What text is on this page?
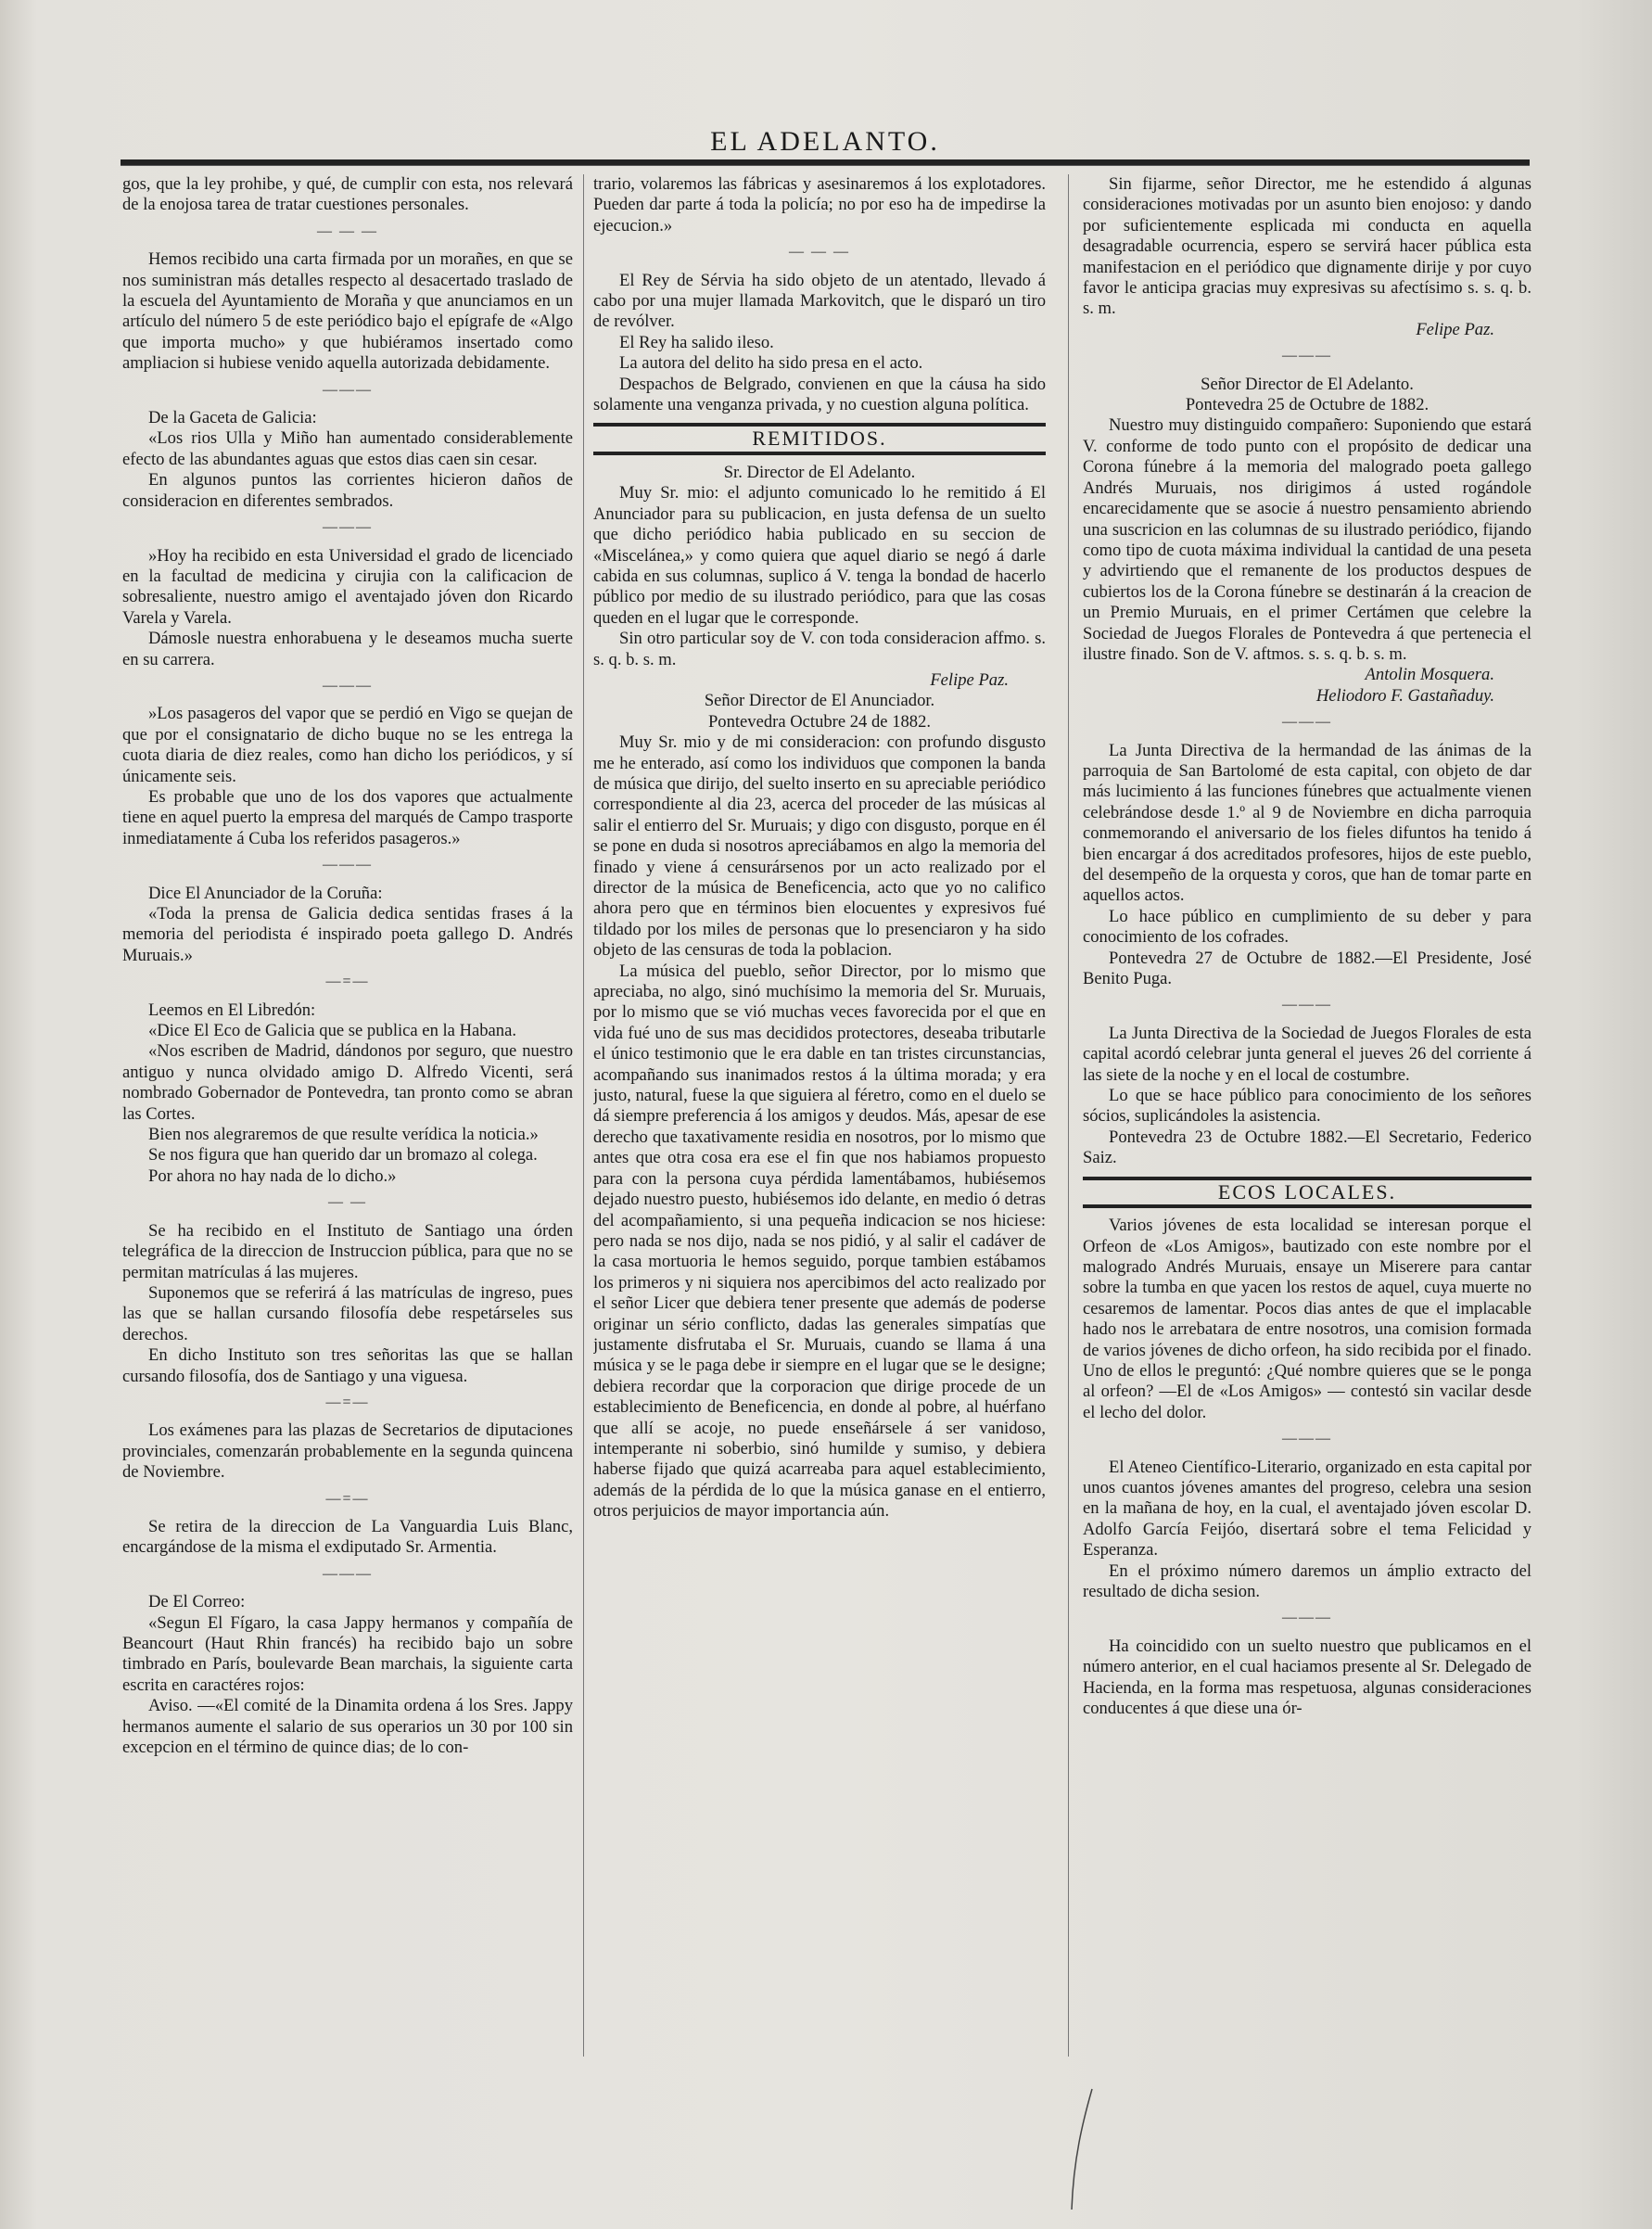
EL ADELANTO.

gos, que la ley prohibe, y qué, de cumplir con esta, nos relevará de la enojosa tarea de tratar cuestiones personales.

— — —

Hemos recibido una carta firmada por un morañes, en que se nos suministran más detalles respecto al desacertado traslado de la escuela del Ayuntamiento de Moraña y que anunciamos en un artículo del número 5 de este periódico bajo el epígrafe de «Algo que importa mucho» y que hubiéramos insertado como ampliacion si hubiese venido aquella autorizada debidamente.

———

De la Gaceta de Galicia:

«Los rios Ulla y Miño han aumentado considerablemente efecto de las abundantes aguas que estos dias caen sin cesar.

En algunos puntos las corrientes hicieron daños de consideracion en diferentes sembrados.

———

»Hoy ha recibido en esta Universidad el grado de licenciado en la facultad de medicina y cirujia con la calificacion de sobresaliente, nuestro amigo el aventajado jóven don Ricardo Varela y Varela.

Dámosle nuestra enhorabuena y le deseamos mucha suerte en su carrera.

———

»Los pasageros del vapor que se perdió en Vigo se quejan de que por el consignatario de dicho buque no se les entrega la cuota diaria de diez reales, como han dicho los periódicos, y sí únicamente seis.

Es probable que uno de los dos vapores que actualmente tiene en aquel puerto la empresa del marqués de Campo trasporte inmediatamente á Cuba los referidos pasageros.»

———

Dice El Anunciador de la Coruña:

«Toda la prensa de Galicia dedica sentidas frases á la memoria del periodista é inspirado poeta gallego D. Andrés Muruais.»

—=—

Leemos en El Libredón:

«Dice El Eco de Galicia que se publica en la Habana.

«Nos escriben de Madrid, dándonos por seguro, que nuestro antiguo y nunca olvidado amigo D. Alfredo Vicenti, será nombrado Gobernador de Pontevedra, tan pronto como se abran las Cortes.

Bien nos alegraremos de que resulte verídica la noticia.»

Se nos figura que han querido dar un bromazo al colega.

Por ahora no hay nada de lo dicho.»

— —

Se ha recibido en el Instituto de Santiago una órden telegráfica de la direccion de Instruccion pública, para que no se permitan matrículas á las mujeres.

Suponemos que se referirá á las matrículas de ingreso, pues las que se hallan cursando filosofía debe respetárseles sus derechos.

En dicho Instituto son tres señoritas las que se hallan cursando filosofía, dos de Santiago y una viguesa.

—=—

Los exámenes para las plazas de Secretarios de diputaciones provinciales, comenzarán probablemente en la segunda quincena de Noviembre.

—=—

Se retira de la direccion de La Vanguardia Luis Blanc, encargándose de la misma el exdiputado Sr. Armentia.

———

De El Correo:

«Segun El Fígaro, la casa Jappy hermanos y compañía de Beancourt (Haut Rhin francés) ha recibido bajo un sobre timbrado en París, boulevarde Bean marchais, la siguiente carta escrita en caractéres rojos:

Aviso. —«El comité de la Dinamita ordena á los Sres. Jappy hermanos aumente el salario de sus operarios un 30 por 100 sin excepcion en el término de quince dias; de lo con-

trario, volaremos las fábricas y asesinaremos á los explotadores. Pueden dar parte á toda la policía; no por eso ha de impedirse la ejecucion.»

— — —

El Rey de Sérvia ha sido objeto de un atentado, llevado á cabo por una mujer llamada Markovitch, que le disparó un tiro de revólver.

El Rey ha salido ileso.

La autora del delito ha sido presa en el acto.

Despachos de Belgrado, convienen en que la cáusa ha sido solamente una venganza privada, y no cuestion alguna política.

REMITIDOS.

Sr. Director de El Adelanto.

Muy Sr. mio: el adjunto comunicado lo he remitido á El Anunciador para su publicacion, en justa defensa de un suelto que dicho periódico habia publicado en su seccion de «Miscelánea,» y como quiera que aquel diario se negó á darle cabida en sus columnas, suplico á V. tenga la bondad de hacerlo público por medio de su ilustrado periódico, para que las cosas queden en el lugar que le corresponde.

Sin otro particular soy de V. con toda consideracion affmo. s. s. q. b. s. m.

Felipe Paz.

Señor Director de El Anunciador.

Pontevedra Octubre 24 de 1882.

Muy Sr. mio y de mi consideracion: con profundo disgusto me he enterado, así como los individuos que componen la banda de música que dirijo, del suelto inserto en su apreciable periódico correspondiente al dia 23, acerca del proceder de las músicas al salir el entierro del Sr. Muruais; y digo con disgusto, porque en él se pone en duda si nosotros apreciábamos en algo la memoria del finado y viene á censurársenos por un acto realizado por el director de la música de Beneficencia, acto que yo no califico ahora pero que en términos bien elocuentes y expresivos fué tildado por los miles de personas que lo presenciaron y ha sido objeto de las censuras de toda la poblacion.

La música del pueblo, señor Director, por lo mismo que apreciaba, no algo, sinó muchísimo la memoria del Sr. Muruais, por lo mismo que se vió muchas veces favorecida por el que en vida fué uno de sus mas decididos protectores, deseaba tributarle el único testimonio que le era dable en tan tristes circunstancias, acompañando sus inanimados restos á la última morada; y era justo, natural, fuese la que siguiera al féretro, como en el duelo se dá siempre preferencia á los amigos y deudos. Más, apesar de ese derecho que taxativamente residia en nosotros, por lo mismo que antes que otra cosa era ese el fin que nos habiamos propuesto para con la persona cuya pérdida lamentábamos, hubiésemos dejado nuestro puesto, hubiésemos ido delante, en medio ó detras del acompañamiento, si una pequeña indicacion se nos hiciese: pero nada se nos dijo, nada se nos pidió, y al salir el cadáver de la casa mortuoria le hemos seguido, porque tambien estábamos los primeros y ni siquiera nos apercibimos del acto realizado por el señor Licer que debiera tener presente que además de poderse originar un sério conflicto, dadas las generales simpatías que justamente disfrutaba el Sr. Muruais, cuando se llama á una música y se le paga debe ir siempre en el lugar que se le designe; debiera recordar que la corporacion que dirige procede de un establecimiento de Beneficencia, en donde al pobre, al huérfano que allí se acoje, no puede enseñársele á ser vanidoso, intemperante ni soberbio, sinó humilde y sumiso, y debiera haberse fijado que quizá acarreaba para aquel establecimiento, además de la pérdida de lo que la música ganase en el entierro, otros perjuicios de mayor importancia aún.

Sin fijarme, señor Director, me he estendido á algunas consideraciones motivadas por un asunto bien enojoso: y dando por suficientemente esplicada mi conducta en aquella desagradable ocurrencia, espero se servirá hacer pública esta manifestacion en el periódico que dignamente dirije y por cuyo favor le anticipa gracias muy expresivas su afectísimo s. s. q. b. s. m.

Felipe Paz.

———

Señor Director de El Adelanto.

Pontevedra 25 de Octubre de 1882.

Nuestro muy distinguido compañero: Suponiendo que estará V. conforme de todo punto con el propósito de dedicar una Corona fúnebre á la memoria del malogrado poeta gallego Andrés Muruais, nos dirigimos á usted rogándole encarecidamente que se asocie á nuestro pensamiento abriendo una suscricion en las columnas de su ilustrado periódico, fijando como tipo de cuota máxima individual la cantidad de una peseta y advirtiendo que el remanente de los productos despues de cubiertos los de la Corona fúnebre se destinarán á la creacion de un Premio Muruais, en el primer Certámen que celebre la Sociedad de Juegos Florales de Pontevedra á que pertenecia el ilustre finado. Son de V. aftmos. s. s. q. b. s. m.

Antolin Mosquera.

Heliodoro F. Gastañaduy.

———

La Junta Directiva de la hermandad de las ánimas de la parroquia de San Bartolomé de esta capital, con objeto de dar más lucimiento á las funciones fúnebres que actualmente vienen celebrándose desde 1.º al 9 de Noviembre en dicha parroquia conmemorando el aniversario de los fieles difuntos ha tenido á bien encargar á dos acreditados profesores, hijos de este pueblo, del desempeño de la orquesta y coros, que han de tomar parte en aquellos actos.

Lo hace público en cumplimiento de su deber y para conocimiento de los cofrades.

Pontevedra 27 de Octubre de 1882.—El Presidente, José Benito Puga.

———

La Junta Directiva de la Sociedad de Juegos Florales de esta capital acordó celebrar junta general el jueves 26 del corriente á las siete de la noche y en el local de costumbre.

Lo que se hace público para conocimiento de los señores sócios, suplicándoles la asistencia.

Pontevedra 23 de Octubre 1882.—El Secretario, Federico Saiz.

ECOS LOCALES.

Varios jóvenes de esta localidad se interesan porque el Orfeon de «Los Amigos», bautizado con este nombre por el malogrado Andrés Muruais, ensaye un Miserere para cantar sobre la tumba en que yacen los restos de aquel, cuya muerte no cesaremos de lamentar. Pocos dias antes de que el implacable hado nos le arrebatara de entre nosotros, una comision formada de varios jóvenes de dicho orfeon, ha sido recibida por el finado. Uno de ellos le preguntó: ¿Qué nombre quieres que se le ponga al orfeon? —El de «Los Amigos» — contestó sin vacilar desde el lecho del dolor.

———

El Ateneo Científico-Literario, organizado en esta capital por unos cuantos jóvenes amantes del progreso, celebra una sesion en la mañana de hoy, en la cual, el aventajado jóven escolar D. Adolfo García Feijóo, disertará sobre el tema Felicidad y Esperanza.

En el próximo número daremos un ámplio extracto del resultado de dicha sesion.

———

Ha coincidido con un suelto nuestro que publicamos en el número anterior, en el cual haciamos presente al Sr. Delegado de Hacienda, en la forma mas respetuosa, algunas consideraciones conducentes á que diese una ór-
